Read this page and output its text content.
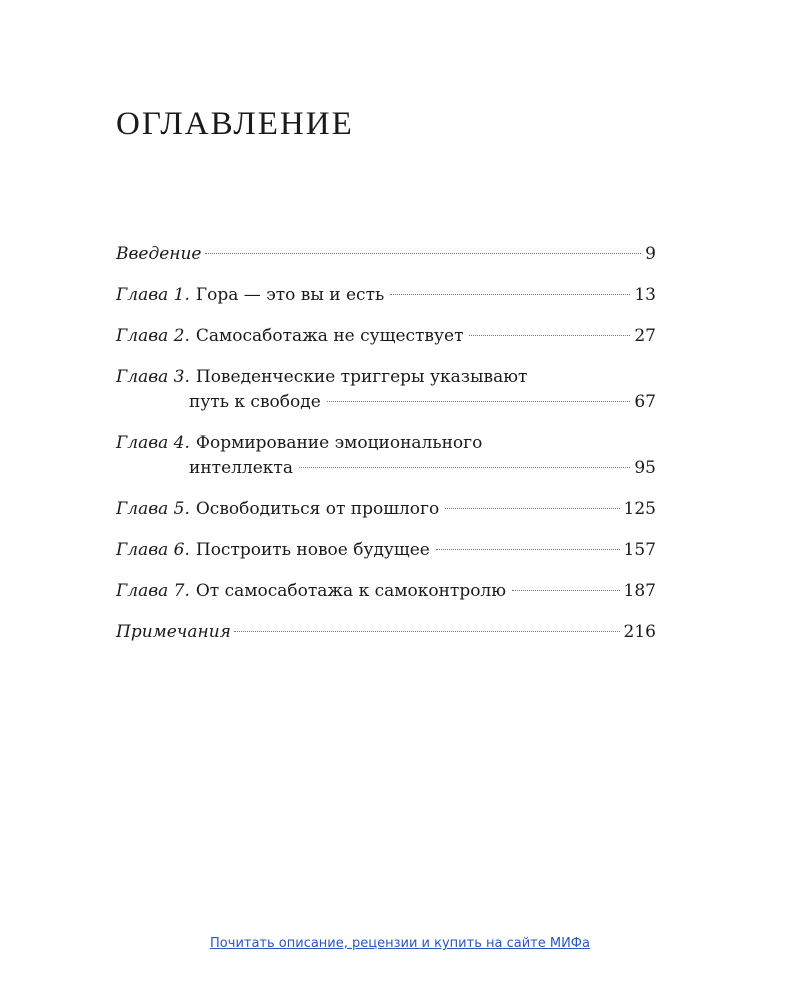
ОГЛАВЛЕНИЕ
Введение	9
Глава 1. Гора — это вы и есть	13
Глава 2. Самосаботажа не существует	27
Глава 3. Поведенческие триггеры указывают
путь к свободе	67
Глава 4. Формирование эмоционального
интеллекта	95
Глава 5. Освободиться от прошлого	125
Глава 6. Построить новое будущее	157
Глава 7. От самосаботажа к самоконтролю	187
Примечания	216
Почитать описание, рецензии и купить на сайте МИФа
